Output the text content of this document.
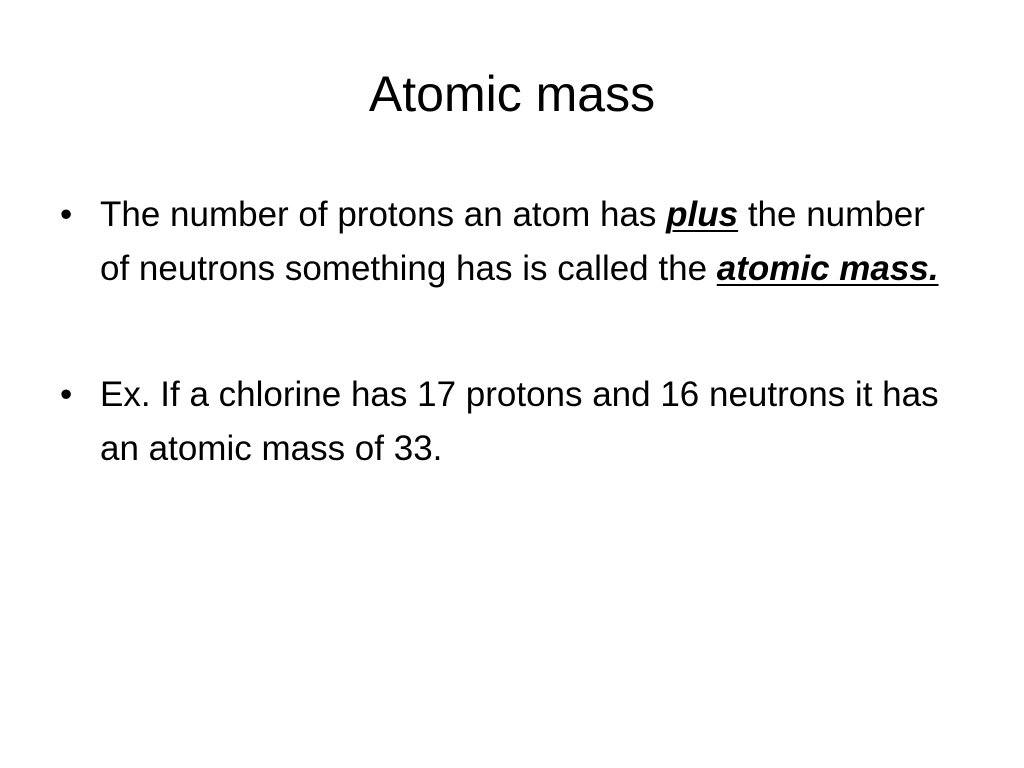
Atomic mass
• The number of protons an atom has plus the number of neutrons something has is called the atomic mass.
• Ex. If a chlorine has 17 protons and 16 neutrons it has an atomic mass of 33.
